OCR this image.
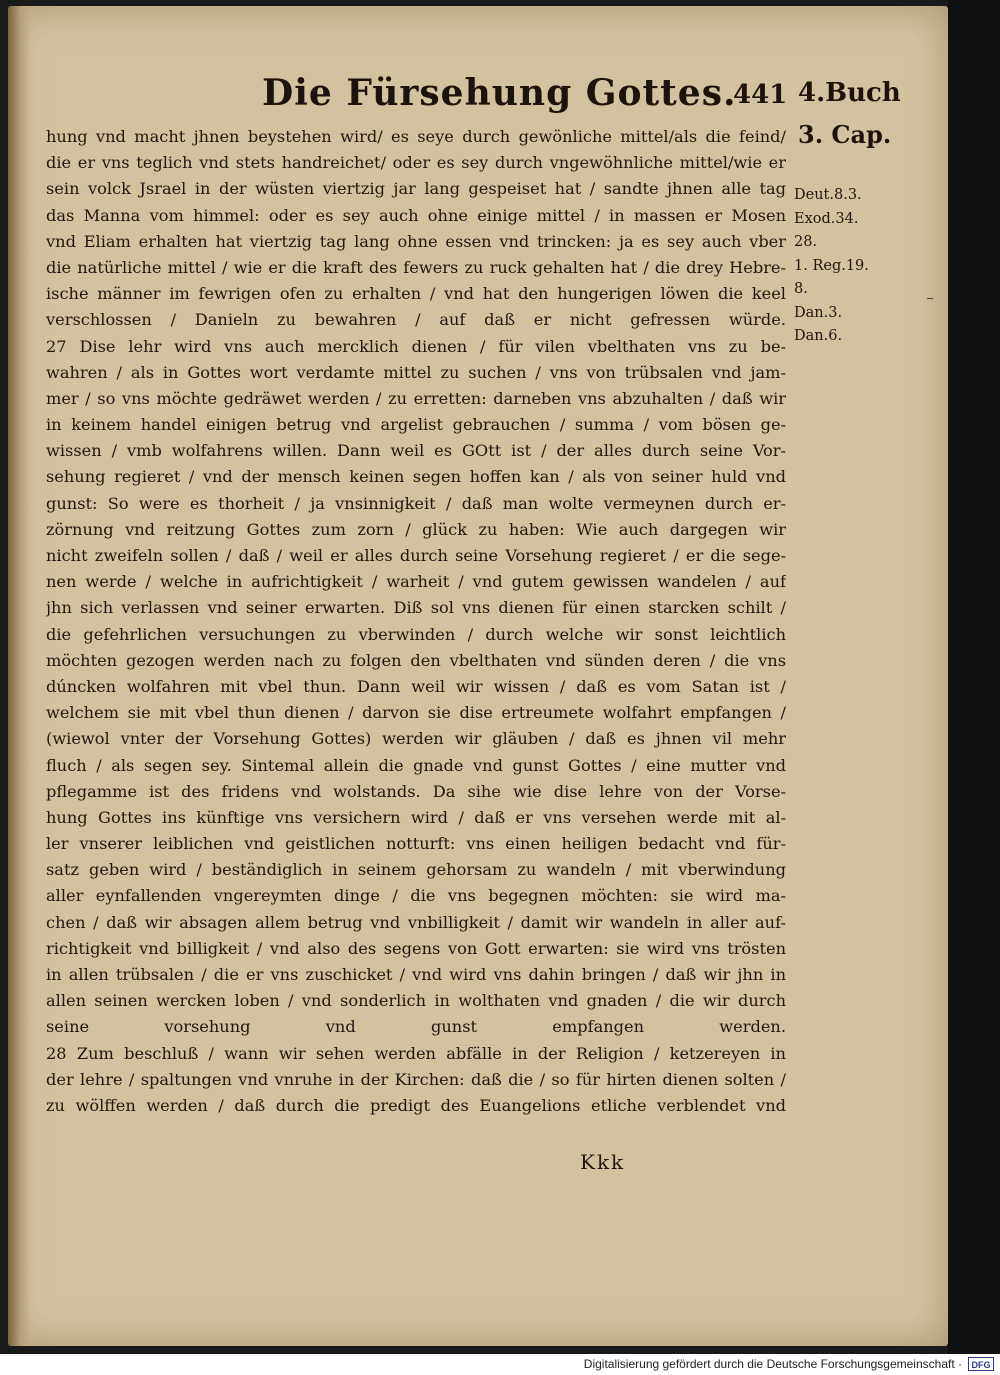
Die Fürsehung Gottes.
441 4.Buch
3. Cap.
hung vnd macht jhnen beystehen wird/ es seye durch gewönliche mittel/als die feind/
die er vns teglich vnd stets handreichet/ oder es sey durch vngewöhnliche mittel/wie er
sein volck Jsrael in der wüsten viertzig jar lang gespeiset hat / sandte jhnen alle tag
das Manna vom himmel: oder es sey auch ohne einige mittel / in massen er Mosen
vnd Eliam erhalten hat viertzig tag lang ohne essen vnd trincken: ja es sey auch vber
die natürliche mittel / wie er die kraft des fewers zu ruck gehalten hat / die drey Hebre-
ische männer im fewrigen ofen zu erhalten / vnd hat den hungerigen löwen die keel
verschlossen / Danieln zu bewahren / auf daß er nicht gefressen würde.
27 Dise lehr wird vns auch mercklich dienen / für vilen vbelthaten vns zu be-
wahren / als in Gottes wort verdamte mittel zu suchen / vns von trübsalen vnd jam-
mer / so vns möchte gedräwet werden / zu erretten: darneben vns abzuhalten / daß wir
in keinem handel einigen betrug vnd argelist gebrauchen / summa / vom bösen ge-
wissen / vmb wolfahrens willen. Dann weil es GOtt ist / der alles durch seine Vor-
sehung regieret / vnd der mensch keinen segen hoffen kan / als von seiner huld vnd
gunst: So were es thorheit / ja vnsinnigkeit / daß man wolte vermeynen durch er-
zörnung vnd reitzung Gottes zum zorn / glück zu haben: Wie auch dargegen wir
nicht zweifeln sollen / daß / weil er alles durch seine Vorsehung regieret / er die sege-
nen werde / welche in aufrichtigkeit / warheit / vnd gutem gewissen wandelen / auf
jhn sich verlassen vnd seiner erwarten. Diß sol vns dienen für einen starcken schilt /
die gefehrlichen versuchungen zu vberwinden / durch welche wir sonst leichtlich
möchten gezogen werden nach zu folgen den vbelthaten vnd sünden deren / die vns
dúncken wolfahren mit vbel thun. Dann weil wir wissen / daß es vom Satan ist /
welchem sie mit vbel thun dienen / darvon sie dise ertreumete wolfahrt empfangen /
(wiewol vnter der Vorsehung Gottes) werden wir gläuben / daß es jhnen vil mehr
fluch / als segen sey. Sintemal allein die gnade vnd gunst Gottes / eine mutter vnd
pflegamme ist des fridens vnd wolstands. Da sihe wie dise lehre von der Vorse-
hung Gottes ins künftige vns versichern wird / daß er vns versehen werde mit al-
ler vnserer leiblichen vnd geistlichen notturft: vns einen heiligen bedacht vnd für-
satz geben wird / beständiglich in seinem gehorsam zu wandeln / mit vberwindung
aller eynfallenden vngereymten dinge / die vns begegnen möchten: sie wird ma-
chen / daß wir absagen allem betrug vnd vnbilligkeit / damit wir wandeln in aller auf-
richtigkeit vnd billigkeit / vnd also des segens von Gott erwarten: sie wird vns trösten
in allen trübsalen / die er vns zuschicket / vnd wird vns dahin bringen / daß wir jhn in
allen seinen wercken loben / vnd sonderlich in wolthaten vnd gnaden / die wir durch
seine vorsehung vnd gunst empfangen werden.
28 Zum beschluß / wann wir sehen werden abfälle in der Religion / ketzereyen in
der lehre / spaltungen vnd vnruhe in der Kirchen: daß die / so für hirten dienen solten /
zu wölffen werden / daß durch die predigt des Euangelions etliche verblendet vnd
Deut.8.3.
Exod.34.
28.
1. Reg.19.
8.
Dan.3.
Dan.6.
Kkk
Digitalisierung gefördert durch die Deutsche Forschungsgemeinschaft ·	DFG
